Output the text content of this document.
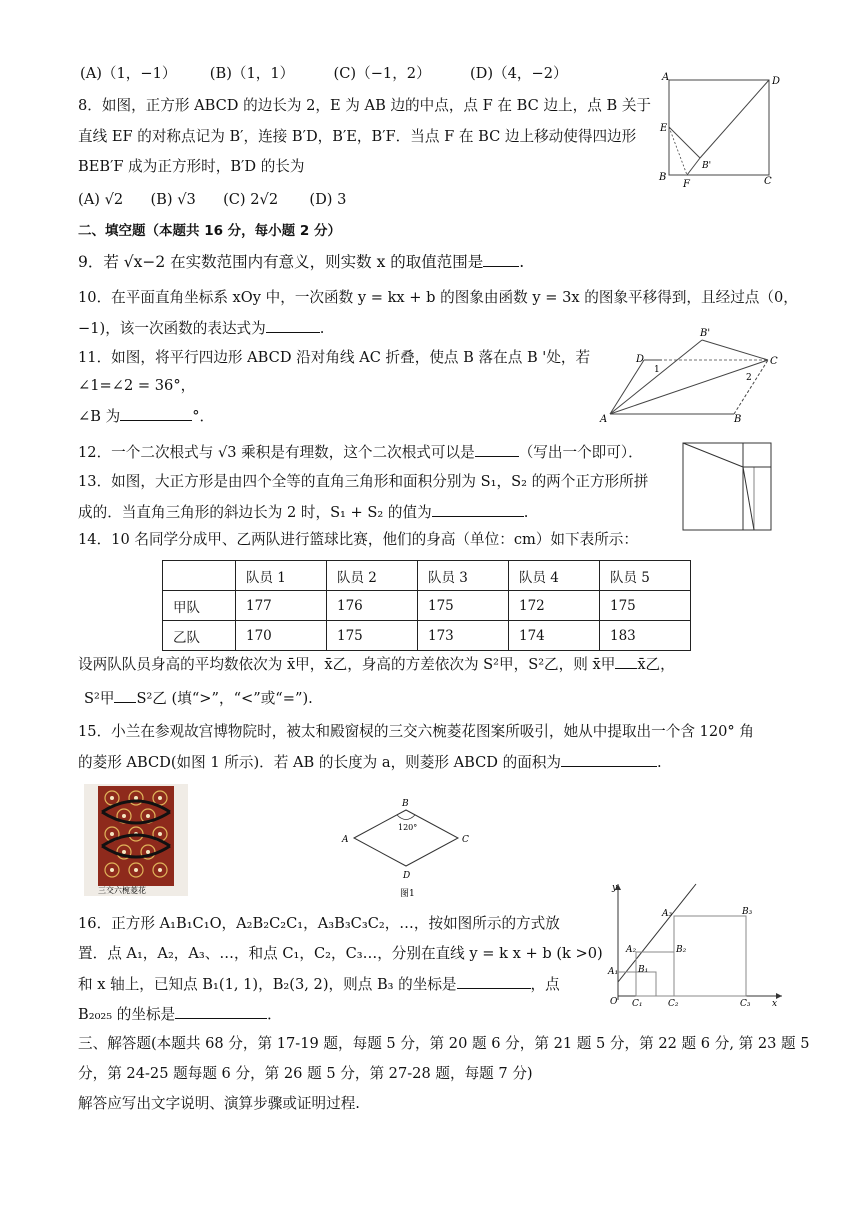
(A)（1，−1） (B)（1，1）	(C)（−1，2）	(D)（4，−2）
8．如图，正方形 ABCD 的边长为 2，E 为 AB 边的中点，点 F 在 BC 边上，点 B 关于
直线 EF 的对称点记为 B′，连接 B′D，B′E，B′F．当点 F 在 BC 边上移动使得四边形
BEB′F 成为正方形时，B′D 的长为
(A) √2 (B) √3 (C) 2√2 (D) 3
A	D
E
B'
B
F	C
二、填空题（本题共 16 分，每小题 2 分）
9．若 √x−2 在实数范围内有意义，则实数 x 的取值范围是 .
10．在平面直角坐标系 xOy 中，一次函数 y = kx + b 的图象由函数 y = 3x 的图象平移得到，且经过点（0，
−1)，该一次函数的表达式为	.
11．如图，将平行四边形 ABCD 沿对角线 AC 折叠，使点 B 落在点 B '处，若
∠1=∠2 = 36°，
∠B 为	°．
B'
D	C
1
2
A	B
12．一个二次根式与 √3 乘积是有理数，这个二次根式可以是	（写出一个即可）．
13．如图，大正方形是由四个全等的直角三角形和面积分别为 S₁，S₂ 的两个正方形所拼
成的．当直角三角形的斜边长为 2 时，S₁ + S₂ 的值为	.
14．10 名同学分成甲、乙两队进行篮球比赛，他们的身高（单位：cm）如下表所示：
	队员 1	队员 2	队员 3	队员 4	队员 5
甲队	177	176	175	172	175
乙队	170	175	173	174	183
设两队队员身高的平均数依次为 x̄甲，x̄乙，身高的方差依次为 S²甲，S²乙，则 x̄甲 x̄乙，
S²甲 S²乙 (填“>”，“<”或“=”).
15．小兰在参观故宫博物院时，被太和殿窗棂的三交六椀菱花图案所吸引，她从中提取出一个含 120° 角
的菱形 ABCD(如图 1 所示)．若 AB 的长度为 a，则菱形 ABCD 的面积为	.
三交六椀菱花
B
120°
A	C
D
图1
16．正方形 A₁B₁C₁O，A₂B₂C₂C₁，A₃B₃C₃C₂，…，按如图所示的方式放
置．点 A₁，A₂，A₃、…，和点 C₁，C₂，C₃…，分别在直线 y = k x + b (k >0)
和 x 轴上，已知点 B₁(1, 1)，B₂(3, 2)，则点 B₃ 的坐标是	，点
B₂₀₂₅ 的坐标是	．
y
A₃	B₃
A₂	B₂
A₁ B₁
O C₁	C₂	C₃ x
三、解答题(本题共 68 分，第 17-19 题，每题 5 分，第 20 题 6 分，第 21 题 5 分，第 22 题 6 分, 第 23 题 5
分，第 24-25 题每题 6 分，第 26 题 5 分，第 27-28 题，每题 7 分)
解答应写出文字说明、演算步骤或证明过程.
